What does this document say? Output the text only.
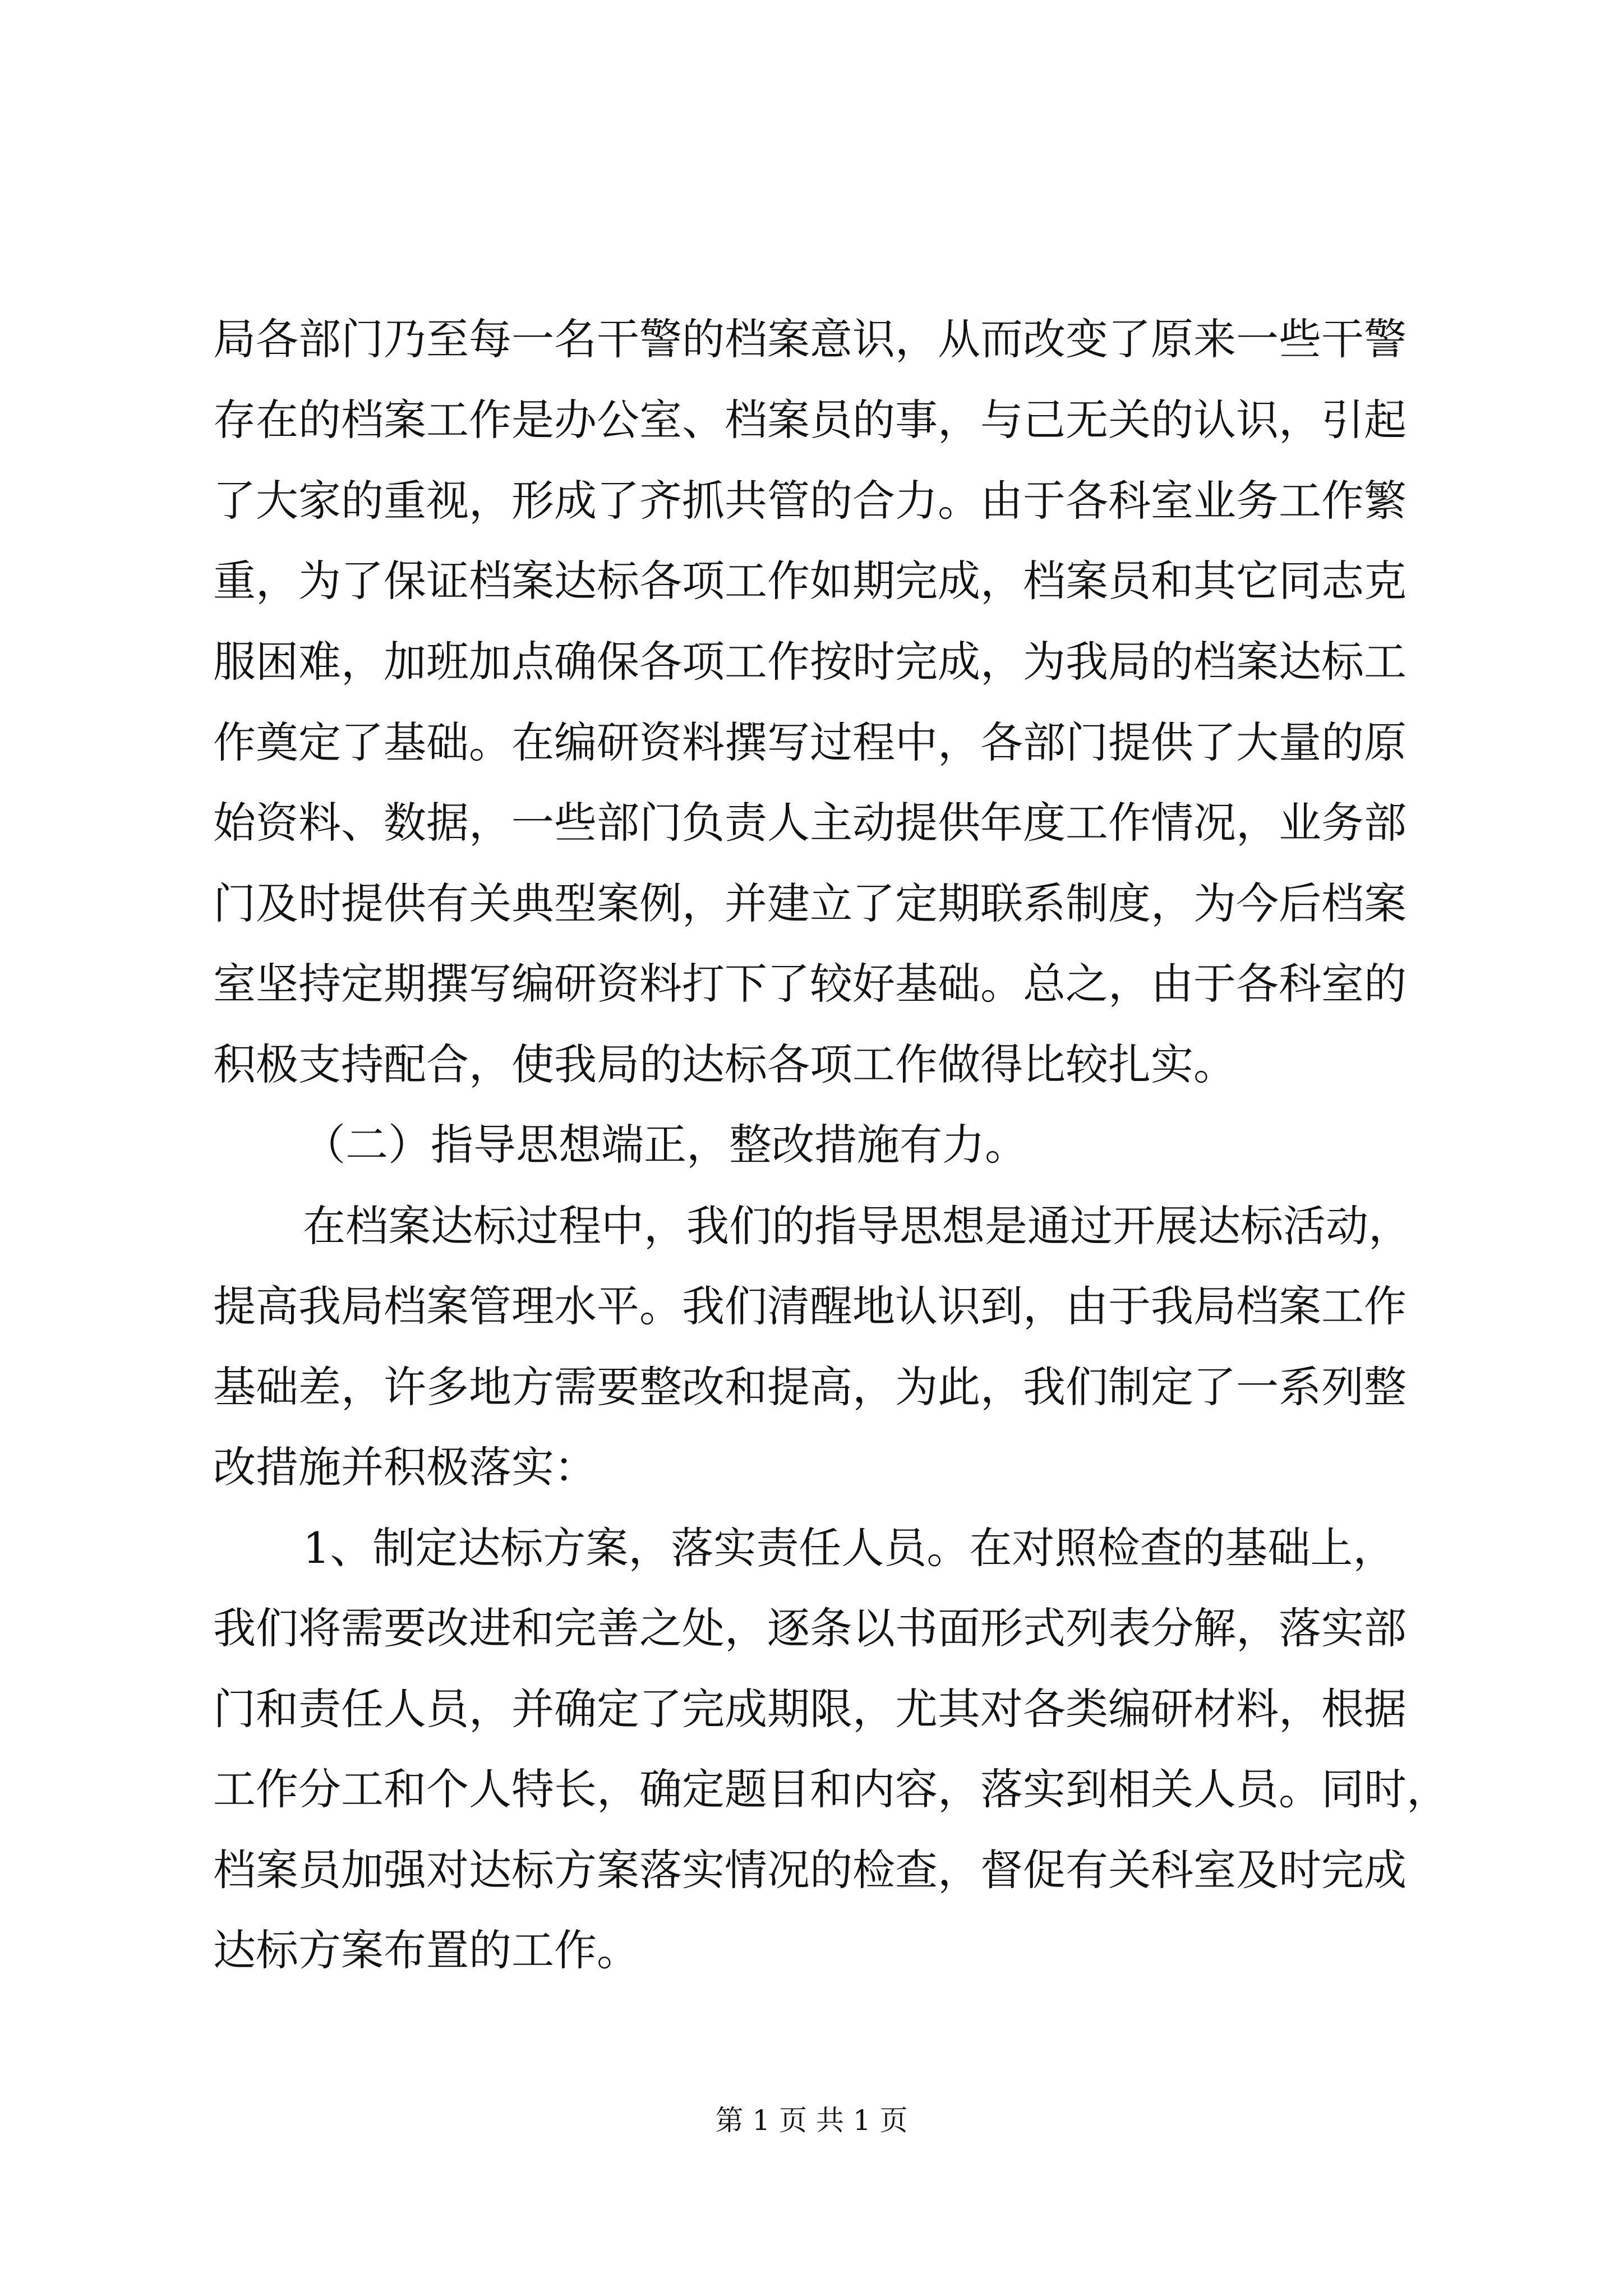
局各部门乃至每一名干警的档案意识，从而改变了原来一些干警

存在的档案工作是办公室、档案员的事，与己无关的认识，引起

了大家的重视，形成了齐抓共管的合力。由于各科室业务工作繁

重，为了保证档案达标各项工作如期完成，档案员和其它同志克

服困难，加班加点确保各项工作按时完成，为我局的档案达标工

作奠定了基础。在编研资料撰写过程中，各部门提供了大量的原

始资料、数据，一些部门负责人主动提供年度工作情况，业务部

门及时提供有关典型案例，并建立了定期联系制度，为今后档案

室坚持定期撰写编研资料打下了较好基础。总之，由于各科室的

积极支持配合，使我局的达标各项工作做得比较扎实。

（二）指导思想端正，整改措施有力。

在档案达标过程中，我们的指导思想是通过开展达标活动，

提高我局档案管理水平。我们清醒地认识到，由于我局档案工作

基础差，许多地方需要整改和提高，为此，我们制定了一系列整

改措施并积极落实：

1、制定达标方案，落实责任人员。在对照检查的基础上，

我们将需要改进和完善之处，逐条以书面形式列表分解，落实部

门和责任人员，并确定了完成期限，尤其对各类编研材料，根据

工作分工和个人特长，确定题目和内容，落实到相关人员。同时，

档案员加强对达标方案落实情况的检查，督促有关科室及时完成

达标方案布置的工作。

第 1 页 共 1 页
